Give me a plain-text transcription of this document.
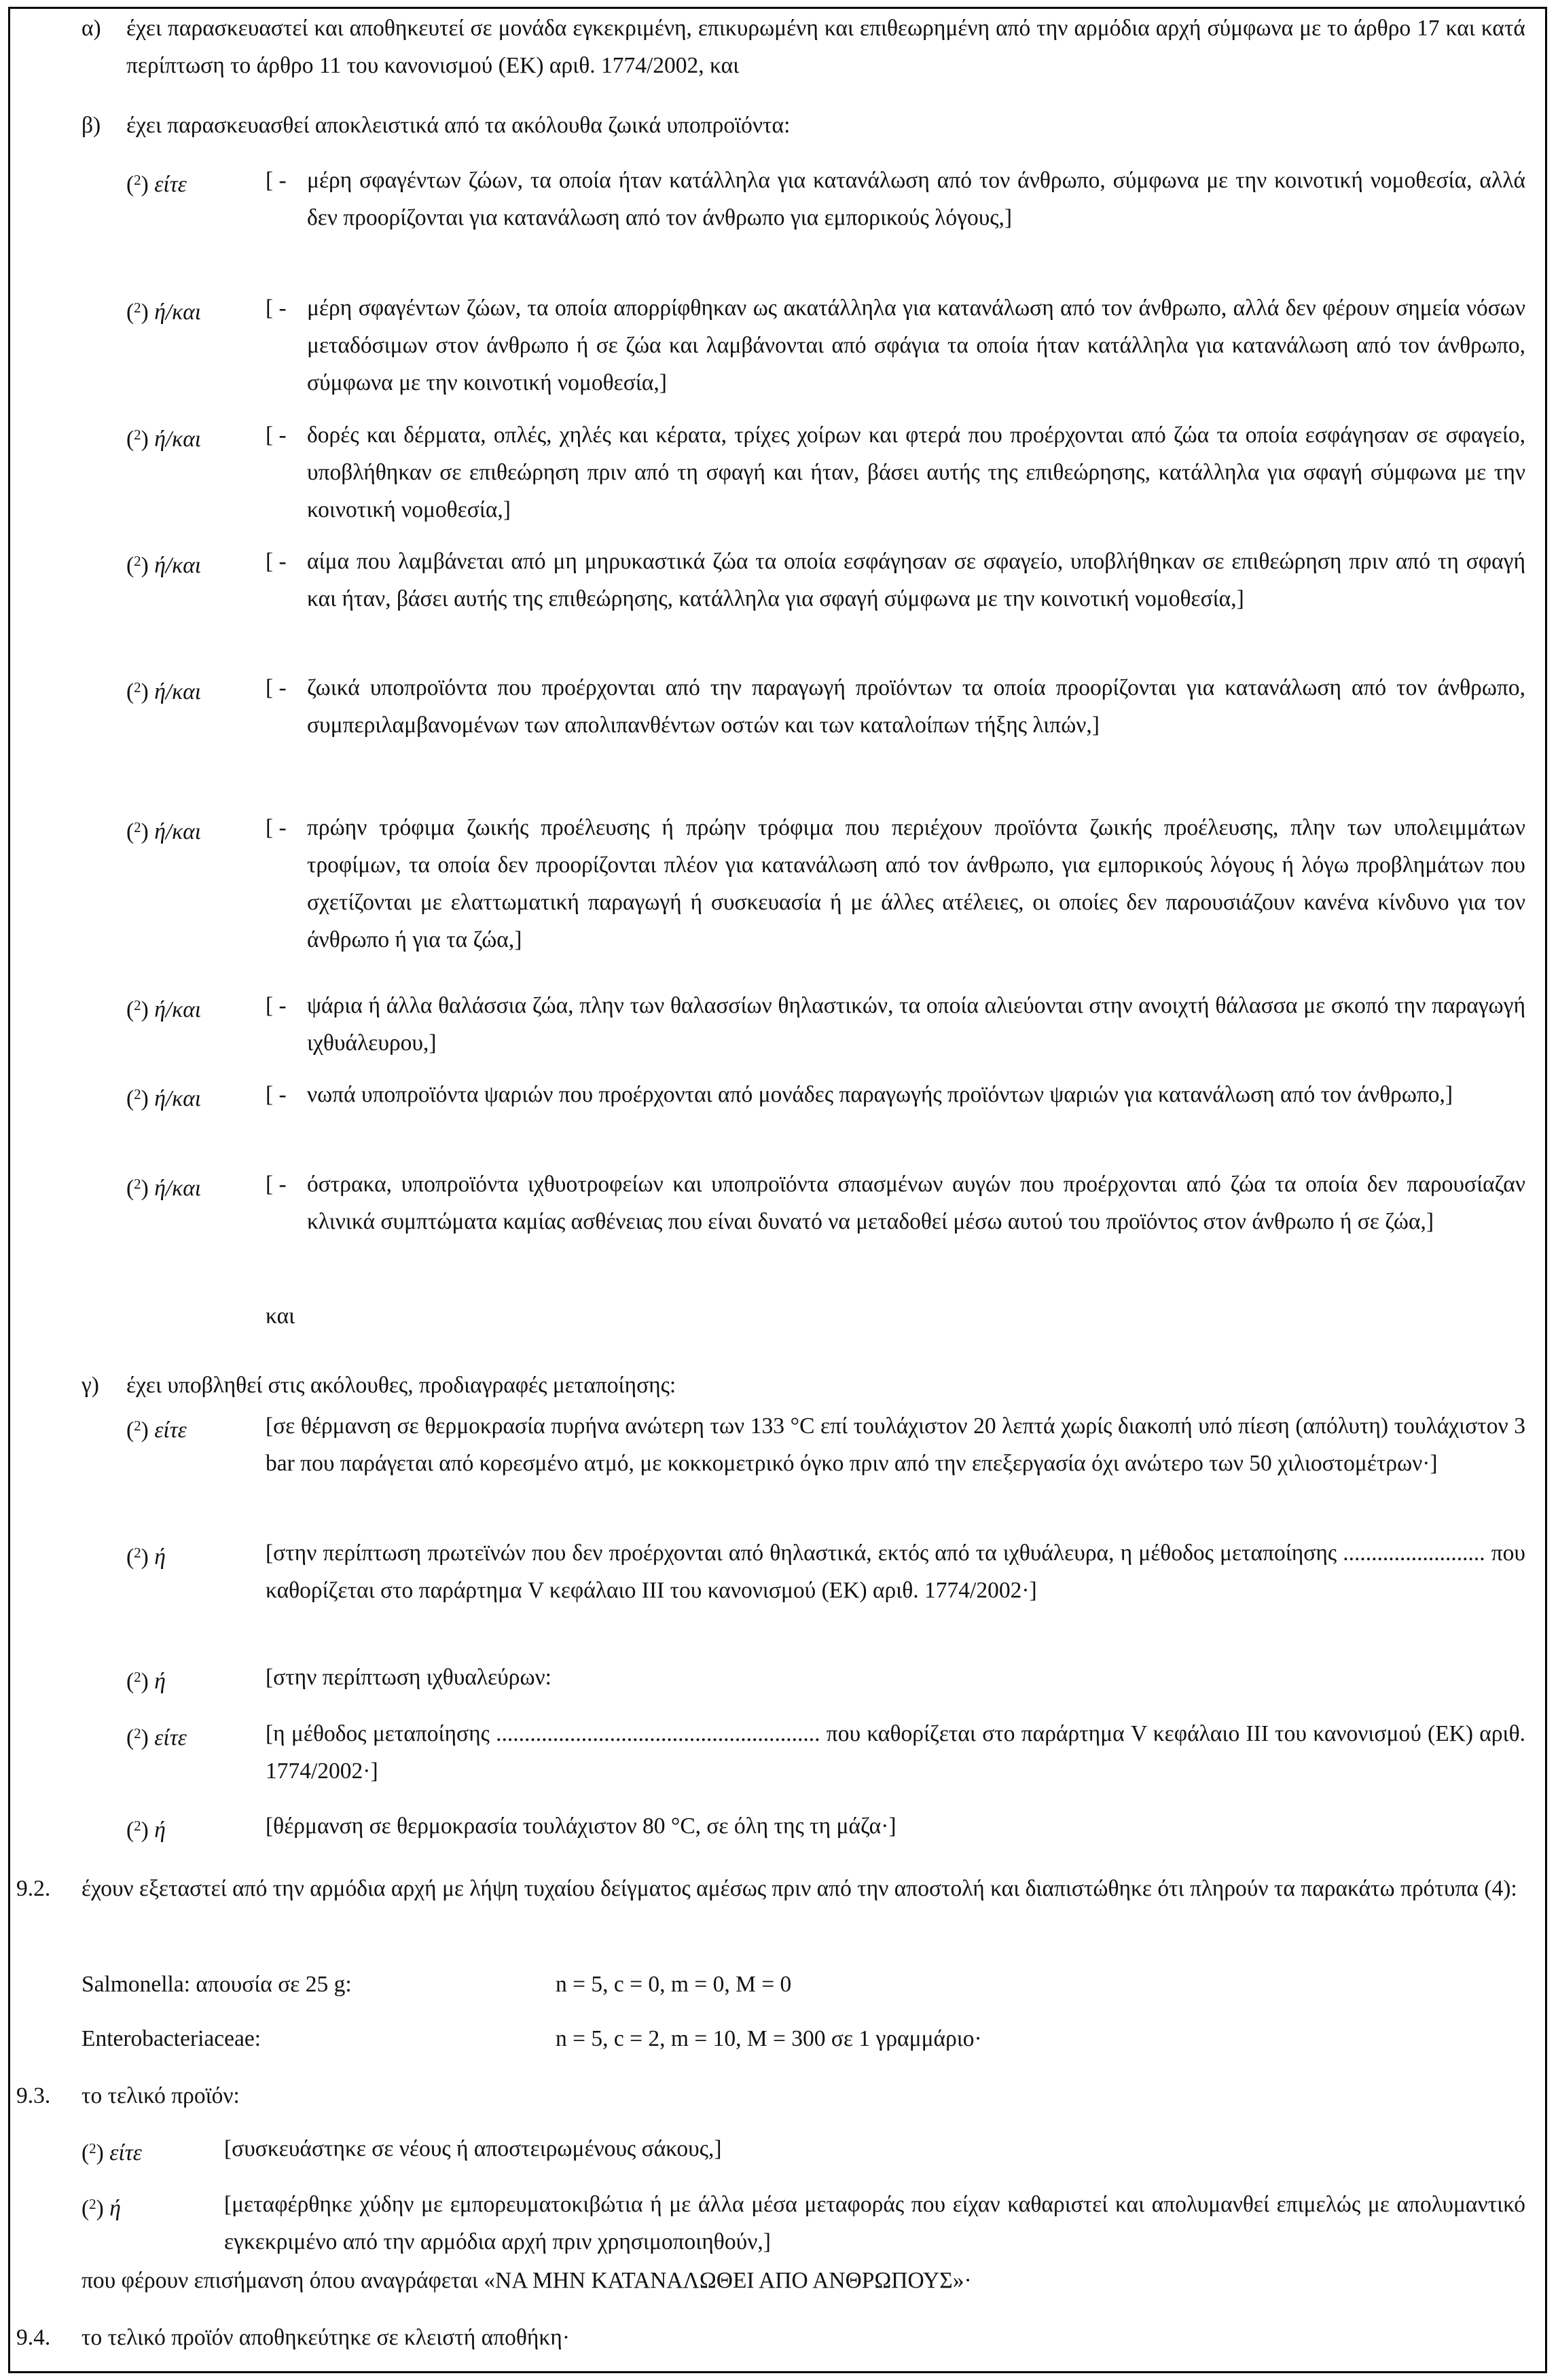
α) έχει παρασκευαστεί και αποθηκευτεί σε μονάδα εγκεκριμένη, επικυρωμένη και επιθεωρημένη από την αρμόδια αρχή σύμφωνα με το άρθρο 17 και κατά περίπτωση το άρθρο 11 του κανονισμού (ΕΚ) αριθ. 1774/2002, και
β) έχει παρασκευασθεί αποκλειστικά από τα ακόλουθα ζωικά υποπροϊόντα:
($^2$) είτε	[ - μέρη σφαγέντων ζώων, τα οποία ήταν κατάλληλα για κατανάλωση από τον άνθρωπο, σύμφωνα με την κοινοτική νομοθεσία, αλλά δεν προορίζονται για κατανάλωση από τον άνθρωπο για εμπορικούς λόγους,]
($^2$) ή/και	[ - μέρη σφαγέντων ζώων, τα οποία απορρίφθηκαν ως ακατάλληλα για κατανάλωση από τον άνθρωπο, αλλά δεν φέρουν σημεία νόσων μεταδόσιμων στον άνθρωπο ή σε ζώα και λαμβάνονται από σφάγια τα οποία ήταν κατάλληλα για κατανάλωση από τον άνθρωπο, σύμφωνα με την κοινοτική νομοθεσία,]
($^2$) ή/και	[ - δορές και δέρματα, οπλές, χηλές και κέρατα, τρίχες χοίρων και φτερά που προέρχονται από ζώα τα οποία εσφάγησαν σε σφαγείο, υποβλήθηκαν σε επιθεώρηση πριν από τη σφαγή και ήταν, βάσει αυτής της επιθεώρησης, κατάλληλα για σφαγή σύμφωνα με την κοινοτική νομοθεσία,]
($^2$) ή/και	[ - αίμα που λαμβάνεται από μη μηρυκαστικά ζώα τα οποία εσφάγησαν σε σφαγείο, υποβλήθηκαν σε επιθεώρηση πριν από τη σφαγή και ήταν, βάσει αυτής της επιθεώρησης, κατάλληλα για σφαγή σύμφωνα με την κοινοτική νομοθεσία,]
($^2$) ή/και	[ - ζωικά υποπροϊόντα που προέρχονται από την παραγωγή προϊόντων τα οποία προορίζονται για κατανάλωση από τον άνθρωπο, συμπεριλαμβανομένων των απολιπανθέντων οστών και των καταλοίπων τήξης λιπών,]
($^2$) ή/και	[ - πρώην τρόφιμα ζωικής προέλευσης ή πρώην τρόφιμα που περιέχουν προϊόντα ζωικής προέλευσης, πλην των υπολειμμάτων τροφίμων, τα οποία δεν προορίζονται πλέον για κατανάλωση από τον άνθρωπο, για εμπορικούς λόγους ή λόγω προβλημάτων που σχετίζονται με ελαττωματική παραγωγή ή συσκευασία ή με άλλες ατέλειες, οι οποίες δεν παρουσιάζουν κανένα κίνδυνο για τον άνθρωπο ή για τα ζώα,]
($^2$) ή/και	[ - ψάρια ή άλλα θαλάσσια ζώα, πλην των θαλασσίων θηλαστικών, τα οποία αλιεύονται στην ανοιχτή θάλασσα με σκοπό την παραγωγή ιχθυάλευρου,]
($^2$) ή/και	[ - νωπά υποπροϊόντα ψαριών που προέρχονται από μονάδες παραγωγής προϊόντων ψαριών για κατανάλωση από τον άνθρωπο,]
($^2$) ή/και	[ - όστρακα, υποπροϊόντα ιχθυοτροφείων και υποπροϊόντα σπασμένων αυγών που προέρχονται από ζώα τα οποία δεν παρουσίαζαν κλινικά συμπτώματα καμίας ασθένειας που είναι δυνατό να μεταδοθεί μέσω αυτού του προϊόντος στον άνθρωπο ή σε ζώα,]
και
γ) έχει υποβληθεί στις ακόλουθες, προδιαγραφές μεταποίησης:
($^2$) είτε	[σε θέρμανση σε θερμοκρασία πυρήνα ανώτερη των 133 °C επί τουλάχιστον 20 λεπτά χωρίς διακοπή υπό πίεση (απόλυτη) τουλάχιστον 3 bar που παράγεται από κορεσμένο ατμό, με κοκκομετρικό όγκο πριν από την επεξεργασία όχι ανώτερο των 50 χιλιοστομέτρων·]
($^2$) ή	[στην περίπτωση πρωτεϊνών που δεν προέρχονται από θηλαστικά, εκτός από τα ιχθυάλευρα, η μέθοδος μεταποίησης ......................... που καθορίζεται στο παράρτημα V κεφάλαιο III του κανονισμού (ΕΚ) αριθ. 1774/2002·]
($^2$) ή	[στην περίπτωση ιχθυαλεύρων:
($^2$) είτε	[η μέθοδος μεταποίησης ......................................................... που καθορίζεται στο παράρτημα V κεφάλαιο III του κανονισμού (ΕΚ) αριθ. 1774/2002·]
($^2$) ή	[θέρμανση σε θερμοκρασία τουλάχιστον 80 °C, σε όλη της τη μάζα·]
9.2. έχουν εξεταστεί από την αρμόδια αρχή με λήψη τυχαίου δείγματος αμέσως πριν από την αποστολή και διαπιστώθηκε ότι πληρούν τα παρακάτω πρότυπα (4):
Salmonella: απουσία σε 25 g:	n = 5, c = 0, m = 0, M = 0
Enterobacteriaceae:	n = 5, c = 2, m = 10, M = 300 σε 1 γραμμάριο·
9.3. το τελικό προϊόν:
($^2$) είτε	[συσκευάστηκε σε νέους ή αποστειρωμένους σάκους,]
($^2$) ή	[μεταφέρθηκε χύδην με εμπορευματοκιβώτια ή με άλλα μέσα μεταφοράς που είχαν καθαριστεί και απολυμανθεί επιμελώς με απολυμαντικό εγκεκριμένο από την αρμόδια αρχή πριν χρησιμοποιηθούν,]
που φέρουν επισήμανση όπου αναγράφεται «ΝΑ ΜΗΝ ΚΑΤΑΝΑΛΩΘΕΙ ΑΠΟ ΑΝΘΡΩΠΟΥΣ»·
9.4. το τελικό προϊόν αποθηκεύτηκε σε κλειστή αποθήκη·
